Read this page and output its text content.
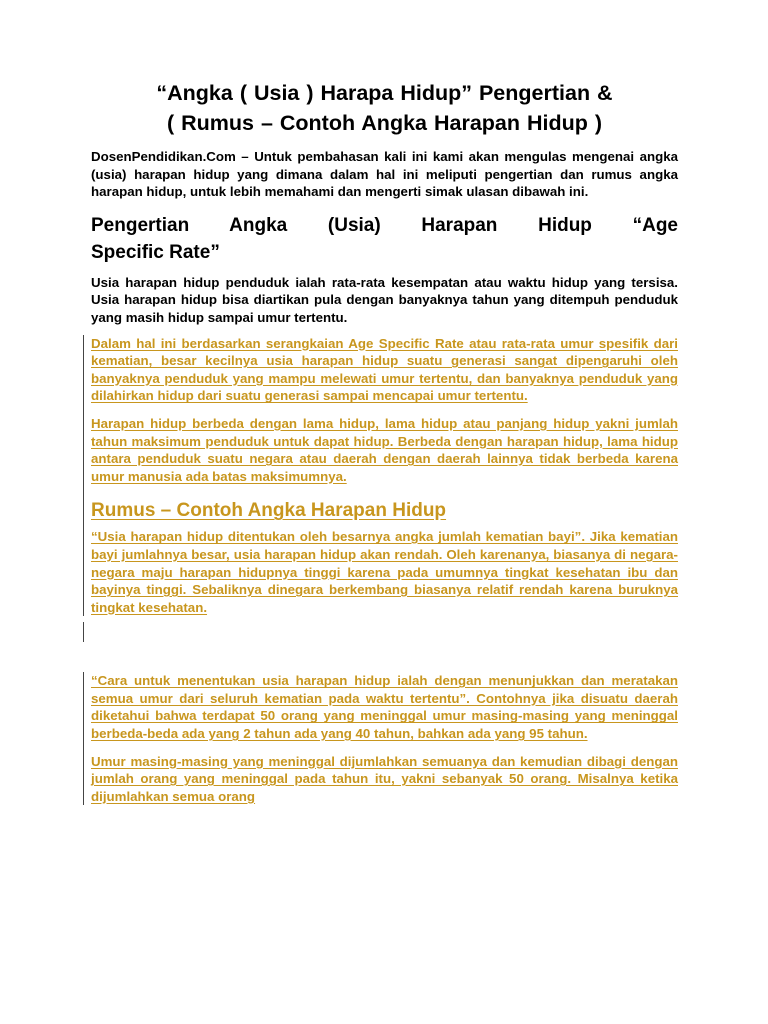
“Angka ( Usia ) Harapa Hidup” Pengertian &
( Rumus – Contoh Angka Harapan Hidup )

DosenPendidikan.Com – Untuk pembahasan kali ini kami akan mengulas mengenai angka (usia) harapan hidup yang dimana dalam hal ini meliputi pengertian dan rumus angka harapan hidup, untuk lebih memahami dan mengerti simak ulasan dibawah ini.

Pengertian Angka (Usia) Harapan Hidup “Age
Specific Rate”

Usia harapan hidup penduduk ialah rata-rata kesempatan atau waktu hidup yang tersisa. Usia harapan hidup bisa diartikan pula dengan banyaknya tahun yang ditempuh penduduk yang masih hidup sampai umur tertentu.

Dalam hal ini berdasarkan serangkaian Age Specific Rate atau rata-rata umur spesifik dari kematian, besar kecilnya usia harapan hidup suatu generasi sangat dipengaruhi oleh banyaknya penduduk yang mampu melewati umur tertentu, dan banyaknya penduduk yang dilahirkan hidup dari suatu generasi sampai mencapai umur tertentu.

Harapan hidup berbeda dengan lama hidup, lama hidup atau panjang hidup yakni jumlah tahun maksimum penduduk untuk dapat hidup. Berbeda dengan harapan hidup, lama hidup antara penduduk suatu negara atau daerah dengan daerah lainnya tidak berbeda karena umur manusia ada batas maksimumnya.

Rumus – Contoh Angka Harapan Hidup

“Usia harapan hidup ditentukan oleh besarnya angka jumlah kematian bayi”. Jika kematian bayi jumlahnya besar, usia harapan hidup akan rendah. Oleh karenanya, biasanya di negara-negara maju harapan hidupnya tinggi karena pada umumnya tingkat kesehatan ibu dan bayinya tinggi. Sebaliknya dinegara berkembang biasanya relatif rendah karena buruknya tingkat kesehatan.

“Cara untuk menentukan usia harapan hidup ialah dengan menunjukkan dan meratakan semua umur dari seluruh kematian pada waktu tertentu”. Contohnya jika disuatu daerah diketahui bahwa terdapat 50 orang yang meninggal umur masing-masing yang meninggal berbeda-beda ada yang 2 tahun ada yang 40 tahun, bahkan ada yang 95 tahun.

Umur masing-masing yang meninggal dijumlahkan semuanya dan kemudian dibagi dengan jumlah orang yang meninggal pada tahun itu, yakni sebanyak 50 orang. Misalnya ketika dijumlahkan semua orang
